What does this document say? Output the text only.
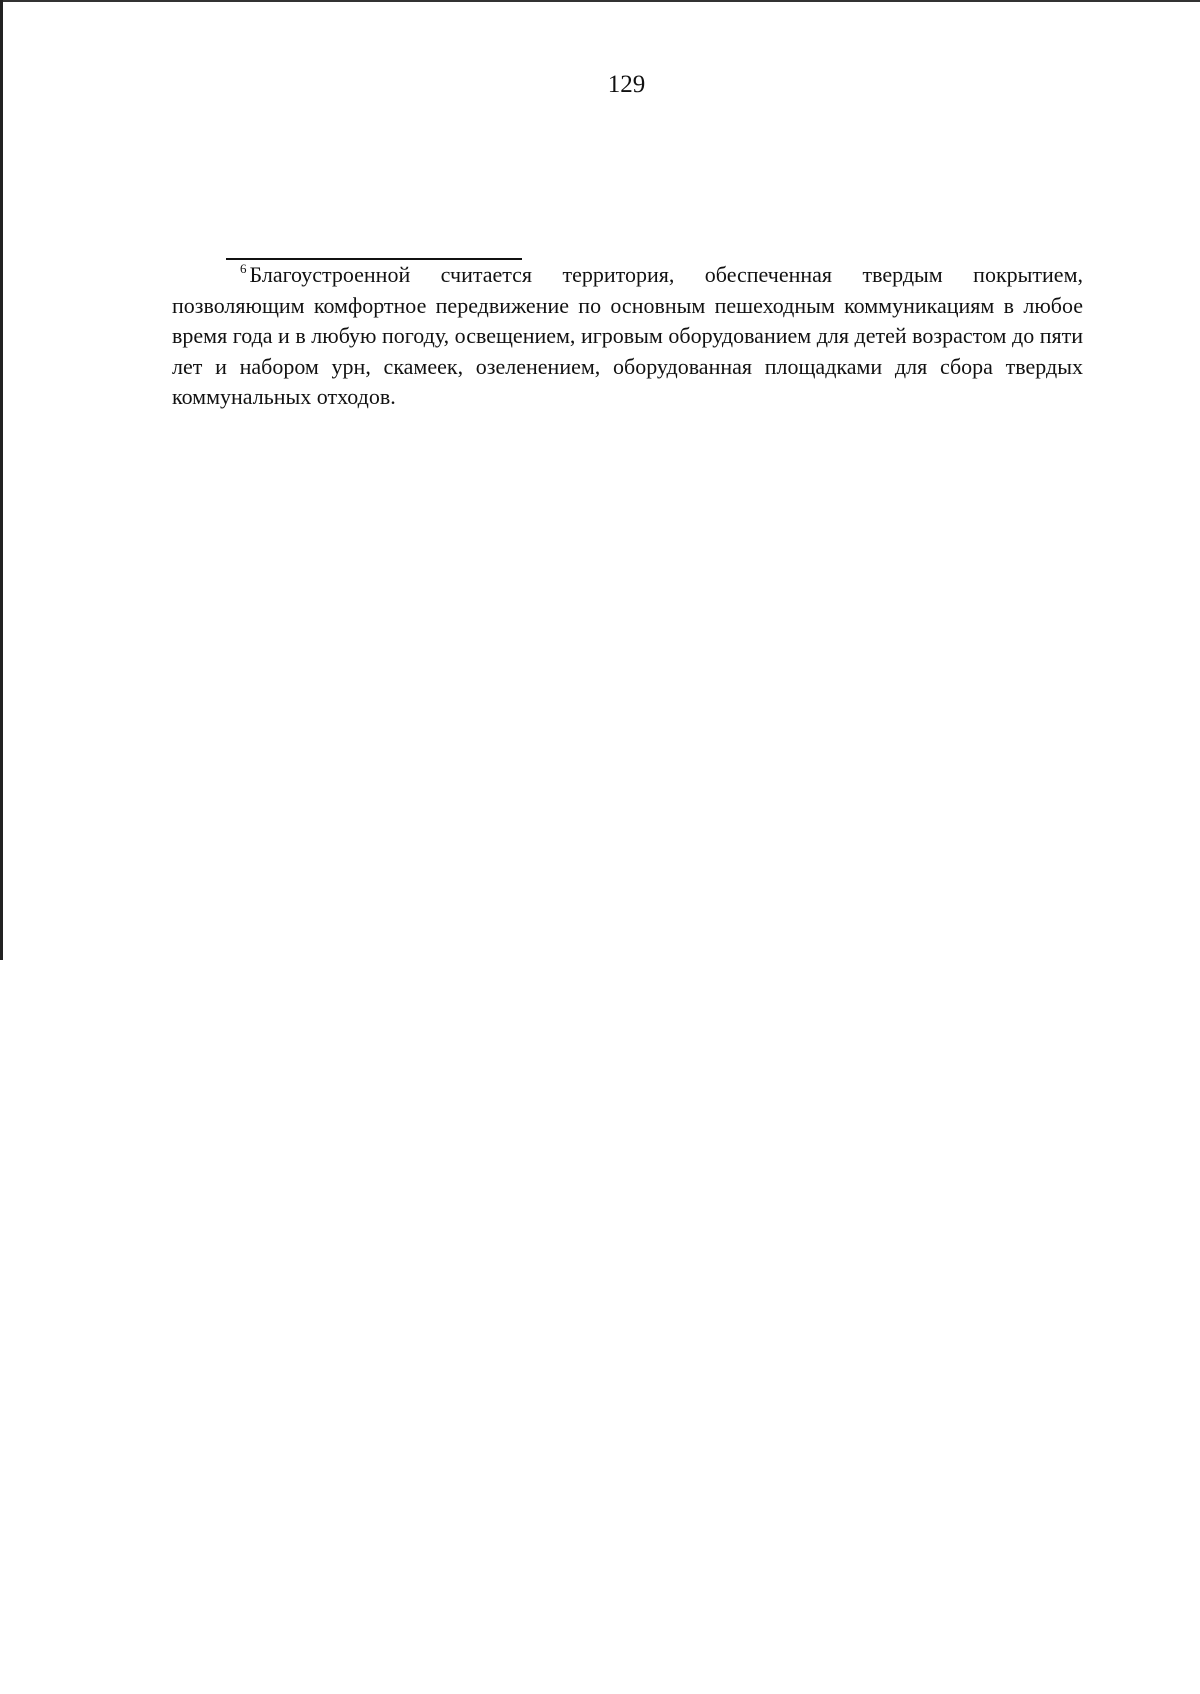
129

$^6$ Благоустроенной считается территория, обеспеченная твердым покрытием, позволяющим комфортное передвижение по основным пешеходным коммуникациям в любое время года и в любую погоду, освещением, игровым оборудованием для детей возрастом до пяти лет и набором урн, скамеек, озеленением, оборудованная площадками для сбора твердых коммунальных отходов.
